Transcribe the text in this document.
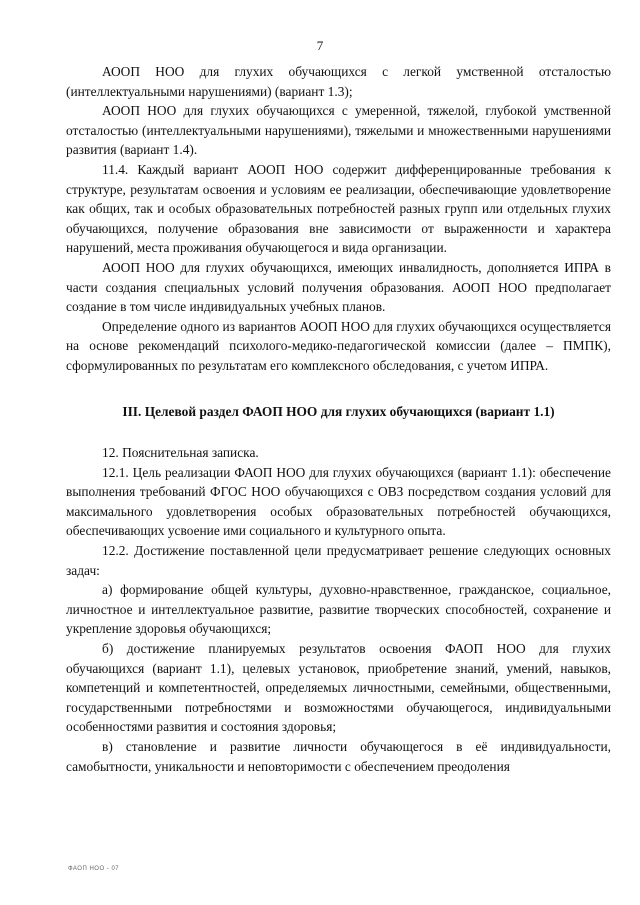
7

АООП НОО для глухих обучающихся с легкой умственной отсталостью (интеллектуальными нарушениями) (вариант 1.3);

АООП НОО для глухих обучающихся с умеренной, тяжелой, глубокой умственной отсталостью (интеллектуальными нарушениями), тяжелыми и множественными нарушениями развития (вариант 1.4).

11.4. Каждый вариант АООП НОО содержит дифференцированные требования к структуре, результатам освоения и условиям ее реализации, обеспечивающие удовлетворение как общих, так и особых образовательных потребностей разных групп или отдельных глухих обучающихся, получение образования вне зависимости от выраженности и характера нарушений, места проживания обучающегося и вида организации.

АООП НОО для глухих обучающихся, имеющих инвалидность, дополняется ИПРА в части создания специальных условий получения образования. АООП НОО предполагает создание в том числе индивидуальных учебных планов.

Определение одного из вариантов АООП НОО для глухих обучающихся осуществляется на основе рекомендаций психолого-медико-педагогической комиссии (далее – ПМПК), сформулированных по результатам его комплексного обследования, с учетом ИПРА.

III. Целевой раздел ФАОП НОО для глухих обучающихся (вариант 1.1)

12. Пояснительная записка.

12.1. Цель реализации ФАОП НОО для глухих обучающихся (вариант 1.1): обеспечение выполнения требований ФГОС НОО обучающихся с ОВЗ посредством создания условий для максимального удовлетворения особых образовательных потребностей обучающихся, обеспечивающих усвоение ими социального и культурного опыта.

12.2. Достижение поставленной цели предусматривает решение следующих основных задач:

а) формирование общей культуры, духовно-нравственное, гражданское, социальное, личностное и интеллектуальное развитие, развитие творческих способностей, сохранение и укрепление здоровья обучающихся;

б) достижение планируемых результатов освоения ФАОП НОО для глухих обучающихся (вариант 1.1), целевых установок, приобретение знаний, умений, навыков, компетенций и компетентностей, определяемых личностными, семейными, общественными, государственными потребностями и возможностями обучающегося, индивидуальными особенностями развития и состояния здоровья;

в) становление и развитие личности обучающегося в её индивидуальности, самобытности, уникальности и неповторимости с обеспечением преодоления

ФАОП НОО - 07
